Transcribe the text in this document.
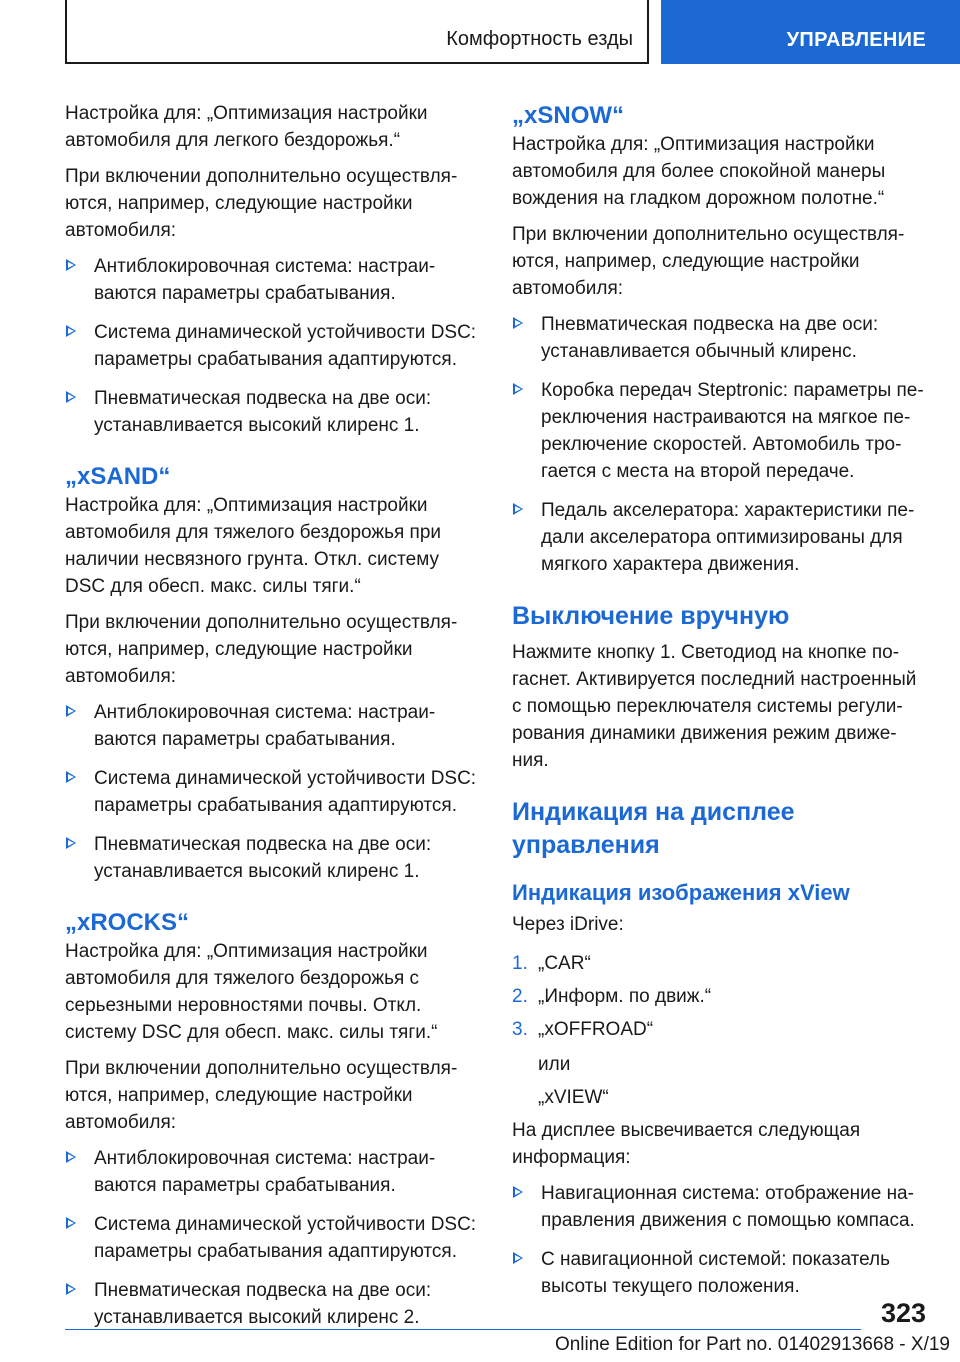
Комфортность езды	УПРАВЛЕНИЕ

Настройка для: „Оптимизация настройки автомобиля для легкого бездорожья.“

При включении дополнительно осуществляются, например, следующие настройки автомобиля:

Антиблокировочная система: настраиваются параметры срабатывания.
Система динамической устойчивости DSC: параметры срабатывания адаптируются.
Пневматическая подвеска на две оси: устанавливается высокий клиренс 1.
„xSAND“

Настройка для: „Оптимизация настройки автомобиля для тяжелого бездорожья при наличии несвязного грунта. Откл. систему DSC для обесп. макс. силы тяги.“

При включении дополнительно осуществляются, например, следующие настройки автомобиля:

Антиблокировочная система: настраиваются параметры срабатывания.
Система динамической устойчивости DSC: параметры срабатывания адаптируются.
Пневматическая подвеска на две оси: устанавливается высокий клиренс 1.
„xROCKS“

Настройка для: „Оптимизация настройки автомобиля для тяжелого бездорожья с серьезными неровностями почвы. Откл. систему DSC для обесп. макс. силы тяги.“

При включении дополнительно осуществляются, например, следующие настройки автомобиля:

Антиблокировочная система: настраиваются параметры срабатывания.
Система динамической устойчивости DSC: параметры срабатывания адаптируются.
Пневматическая подвеска на две оси: устанавливается высокий клиренс 2.
„xSNOW“

Настройка для: „Оптимизация настройки автомобиля для более спокойной манеры вождения на гладком дорожном полотне.“

При включении дополнительно осуществляются, например, следующие настройки автомобиля:

Пневматическая подвеска на две оси: устанавливается обычный клиренс.
Коробка передач Steptronic: параметры переключения настраиваются на мягкое переключение скоростей. Автомобиль трогается с места на второй передаче.
Педаль акселератора: характеристики педали акселератора оптимизированы для мягкого характера движения.
Выключение вручную

Нажмите кнопку 1. Светодиод на кнопке погаснет. Активируется последний настроенный с помощью переключателя системы регулирования динамики движения режим движения.

Индикация на дисплее управления
Индикация изображения xView

Через iDrive:

1. „CAR“
2. „Информ. по движ.“
3. „xOFFROAD“

или

„xVIEW“

На дисплее высвечивается следующая информация:

Навигационная система: отображение направления движения с помощью компаса.
С навигационной системой: показатель высоты текущего положения.
323
Online Edition for Part no. 01402913668 - X/19
